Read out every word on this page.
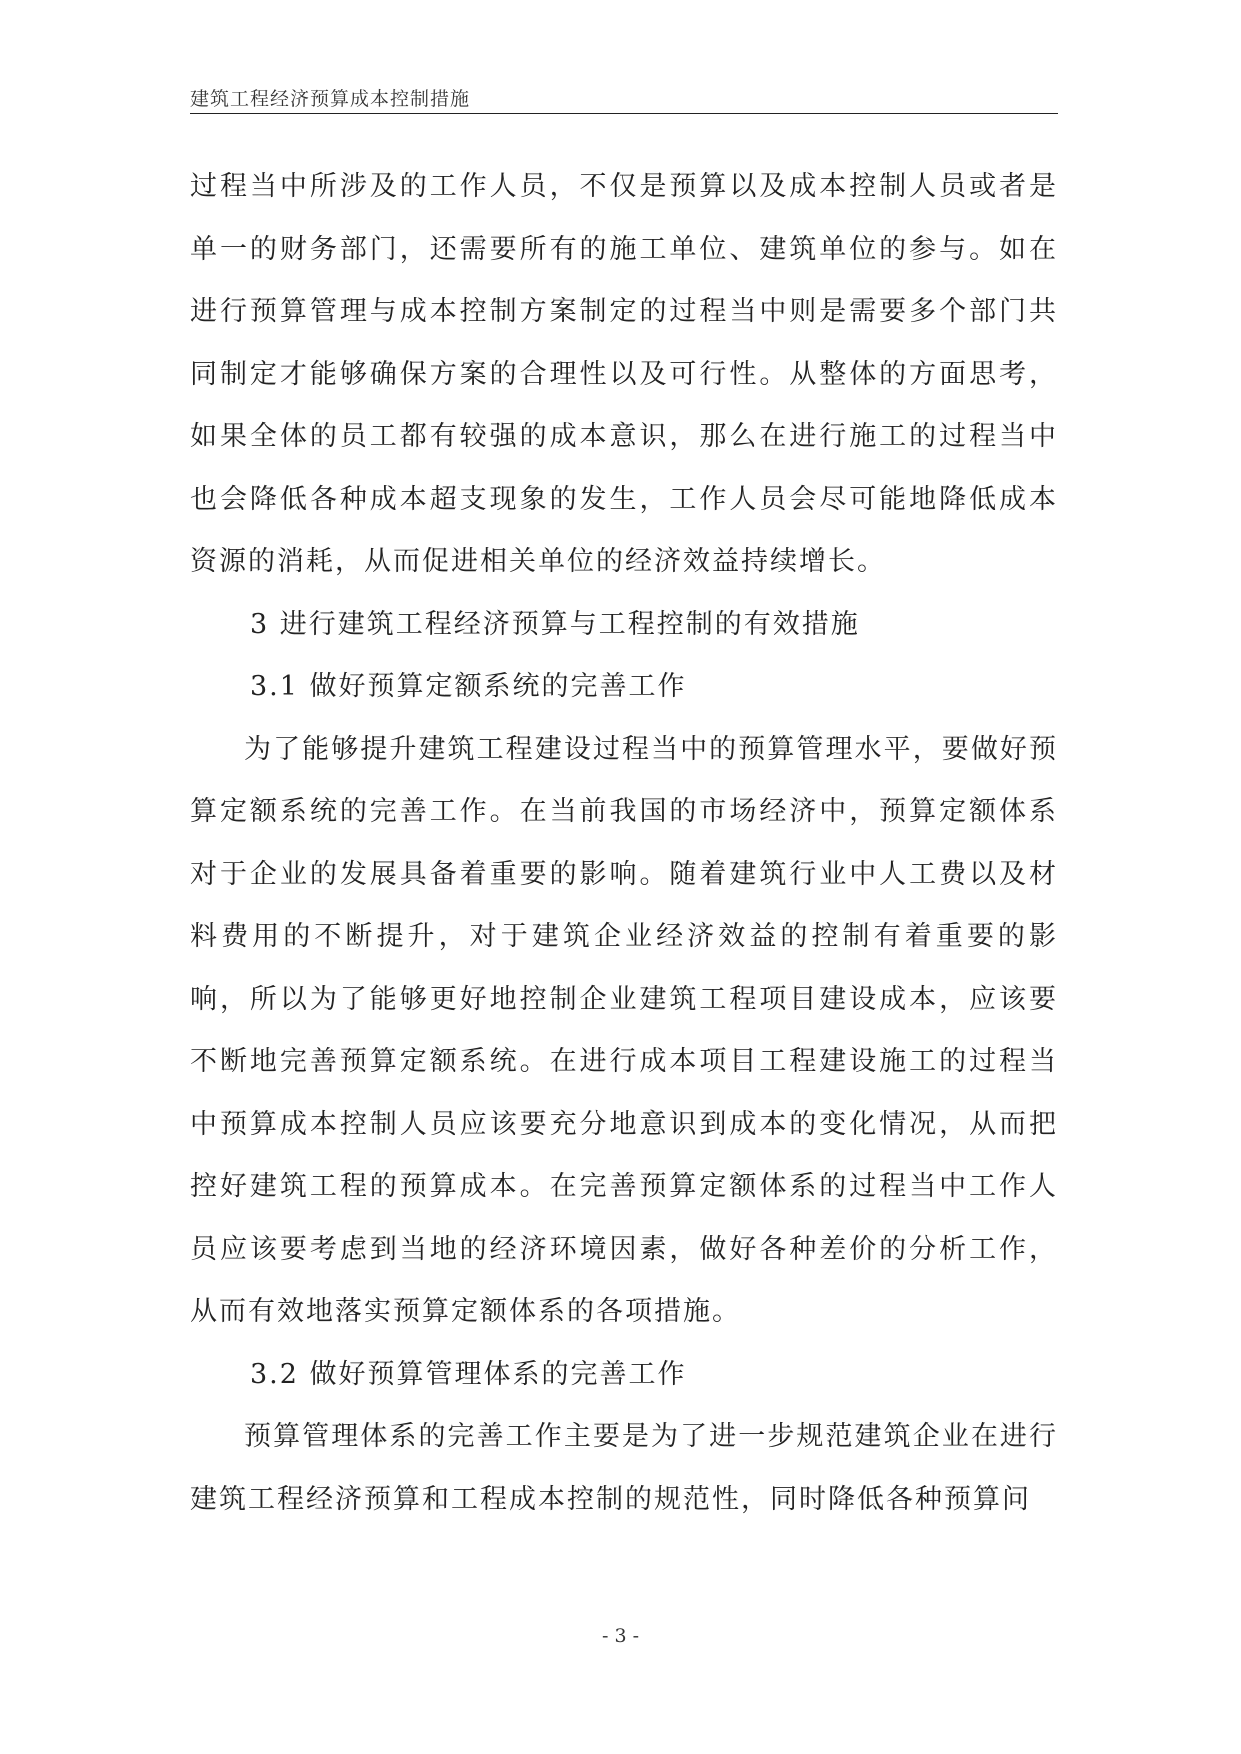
建筑工程经济预算成本控制措施

过程当中所涉及的工作人员，不仅是预算以及成本控制人员或者是单一的财务部门，还需要所有的施工单位、建筑单位的参与。如在进行预算管理与成本控制方案制定的过程当中则是需要多个部门共同制定才能够确保方案的合理性以及可行性。从整体的方面思考，如果全体的员工都有较强的成本意识，那么在进行施工的过程当中也会降低各种成本超支现象的发生，工作人员会尽可能地降低成本资源的消耗，从而促进相关单位的经济效益持续增长。

3 进行建筑工程经济预算与工程控制的有效措施

3.1 做好预算定额系统的完善工作

为了能够提升建筑工程建设过程当中的预算管理水平，要做好预算定额系统的完善工作。在当前我国的市场经济中，预算定额体系对于企业的发展具备着重要的影响。随着建筑行业中人工费以及材料费用的不断提升，对于建筑企业经济效益的控制有着重要的影响，所以为了能够更好地控制企业建筑工程项目建设成本，应该要不断地完善预算定额系统。在进行成本项目工程建设施工的过程当中预算成本控制人员应该要充分地意识到成本的变化情况，从而把控好建筑工程的预算成本。在完善预算定额体系的过程当中工作人员应该要考虑到当地的经济环境因素，做好各种差价的分析工作，从而有效地落实预算定额体系的各项措施。

3.2 做好预算管理体系的完善工作

预算管理体系的完善工作主要是为了进一步规范建筑企业在进行建筑工程经济预算和工程成本控制的规范性，同时降低各种预算问

- 3 -
